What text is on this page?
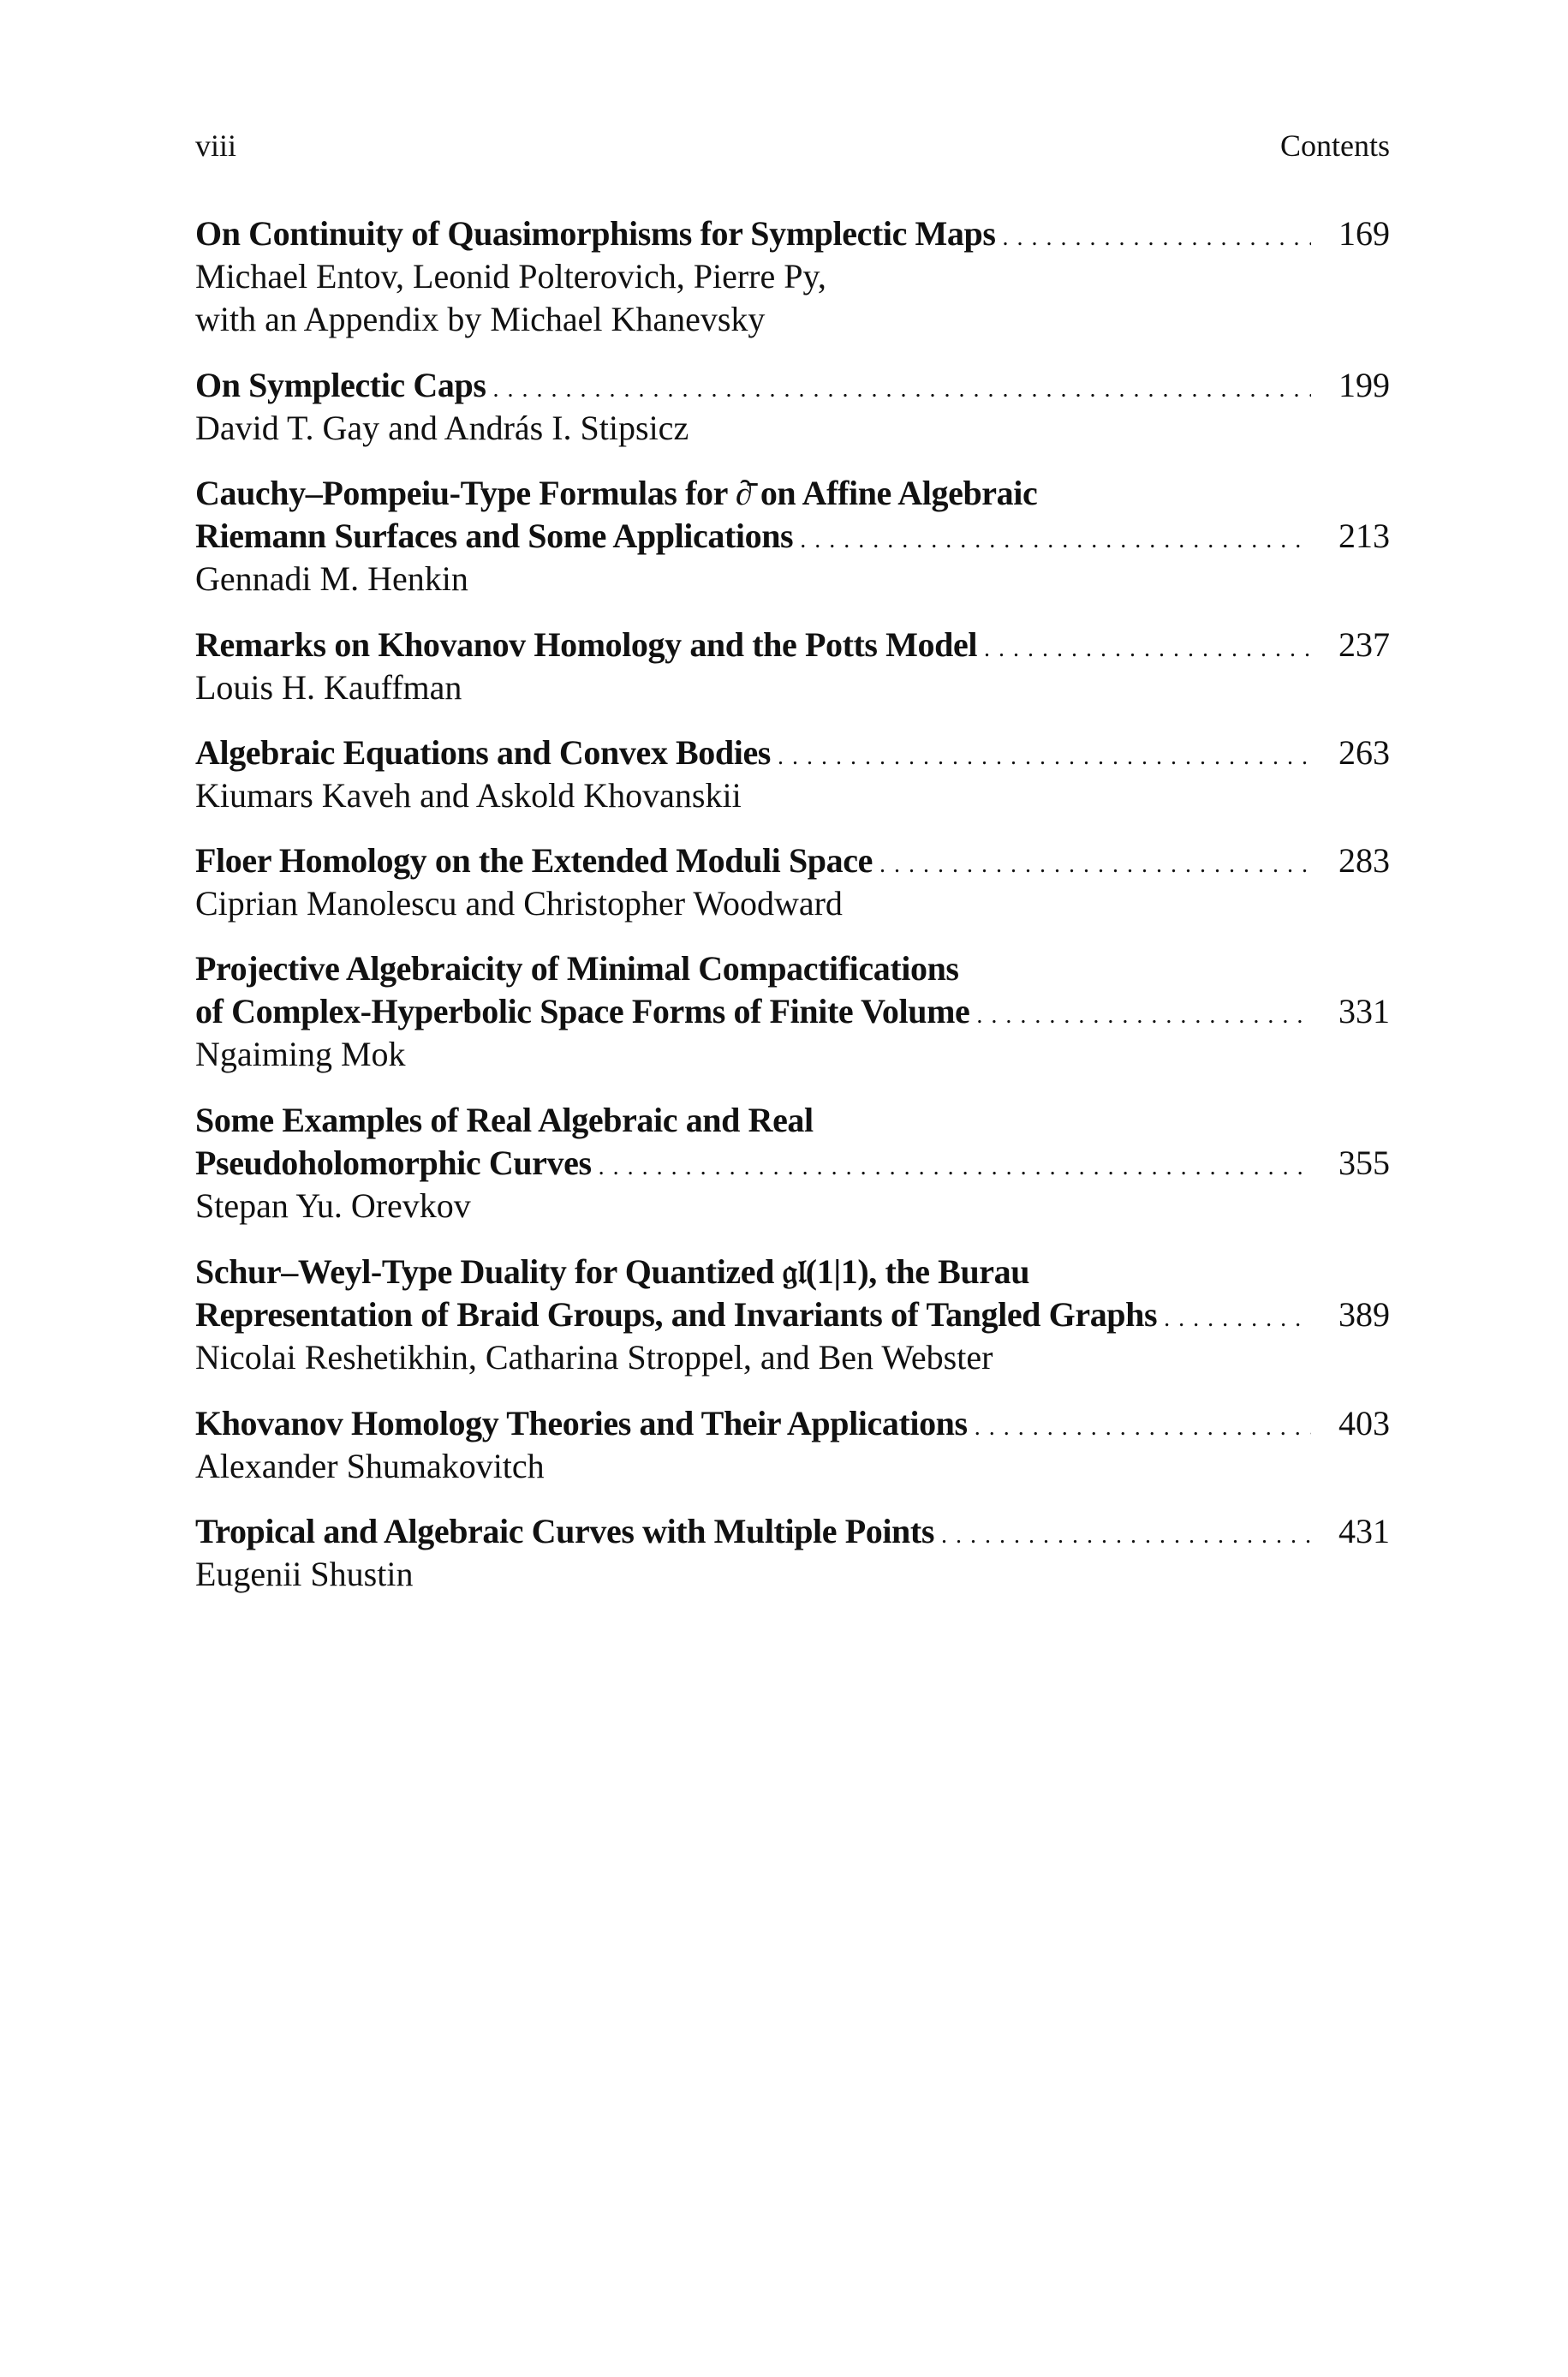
viii	Contents
On Continuity of Quasimorphisms for Symplectic Maps . . .	169
Michael Entov, Leonid Polterovich, Pierre Py,
with an Appendix by Michael Khanevsky
On Symplectic Caps . . .	199
David T. Gay and András I. Stipsicz
Cauchy–Pompeiu-Type Formulas for ∂̄ on Affine Algebraic
Riemann Surfaces and Some Applications . . .	213
Gennadi M. Henkin
Remarks on Khovanov Homology and the Potts Model . . .	237
Louis H. Kauffman
Algebraic Equations and Convex Bodies . . .	263
Kiumars Kaveh and Askold Khovanskii
Floer Homology on the Extended Moduli Space . . .	283
Ciprian Manolescu and Christopher Woodward
Projective Algebraicity of Minimal Compactifications
of Complex-Hyperbolic Space Forms of Finite Volume . . .	331
Ngaiming Mok
Some Examples of Real Algebraic and Real
Pseudoholomorphic Curves . . .	355
Stepan Yu. Orevkov
Schur–Weyl-Type Duality for Quantized 𝔤𝔩(1|1), the Burau
Representation of Braid Groups, and Invariants of Tangled Graphs . . .	389
Nicolai Reshetikhin, Catharina Stroppel, and Ben Webster
Khovanov Homology Theories and Their Applications . . .	403
Alexander Shumakovitch
Tropical and Algebraic Curves with Multiple Points . . .	431
Eugenii Shustin
